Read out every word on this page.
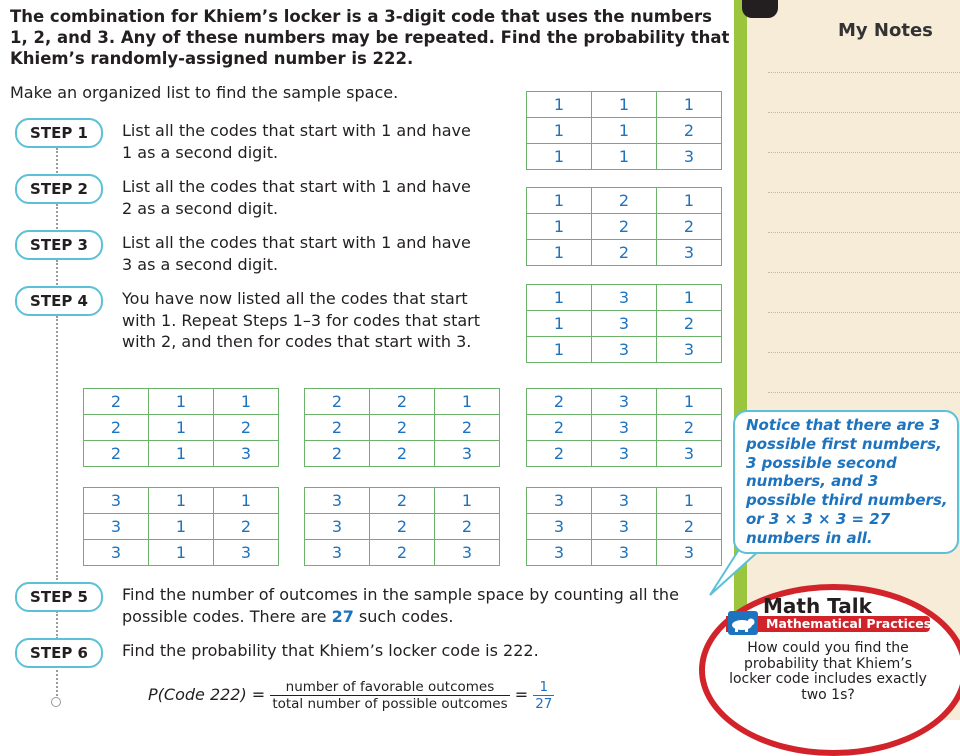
The combination for Khiem’s locker is a 3-digit code that uses the numbers 1, 2, and 3. Any of these numbers may be repeated. Find the probability that Khiem’s randomly-assigned number is 222.
Make an organized list to find the sample space.
STEP 1	List all the codes that start with 1 and have 1 as a second digit.
STEP 2	List all the codes that start with 1 and have 2 as a second digit.
STEP 3	List all the codes that start with 1 and have 3 as a second digit.
STEP 4	You have now listed all the codes that start with 1. Repeat Steps 1–3 for codes that start with 2, and then for codes that start with 3.
STEP 5	Find the number of outcomes in the sample space by counting all the possible codes. There are 27 such codes.
STEP 6	Find the probability that Khiem’s locker code is 222.
1	1	1
1	1	2
1	1	3
1	2	1
1	2	2
1	2	3
1	3	1
1	3	2
1	3	3
2	1	1
2	1	2
2	1	3
2	2	1
2	2	2
2	2	3
2	3	1
2	3	2
2	3	3
3	1	1
3	1	2
3	1	3
3	2	1
3	2	2
3	2	3
3	3	1
3	3	2
3	3	3
P(Code $222) = \frac{\text{number of favorable outcomes}}{\text{total number of possible outcomes}} = \frac{1}{27}$
My Notes
Notice that there are 3 possible first numbers, 3 possible second numbers, and 3 possible third numbers, or 3 × 3 × 3 = 27 numbers in all.
Math Talk
Mathematical Practices
How could you find the probability that Khiem’s locker code includes exactly two 1s?
